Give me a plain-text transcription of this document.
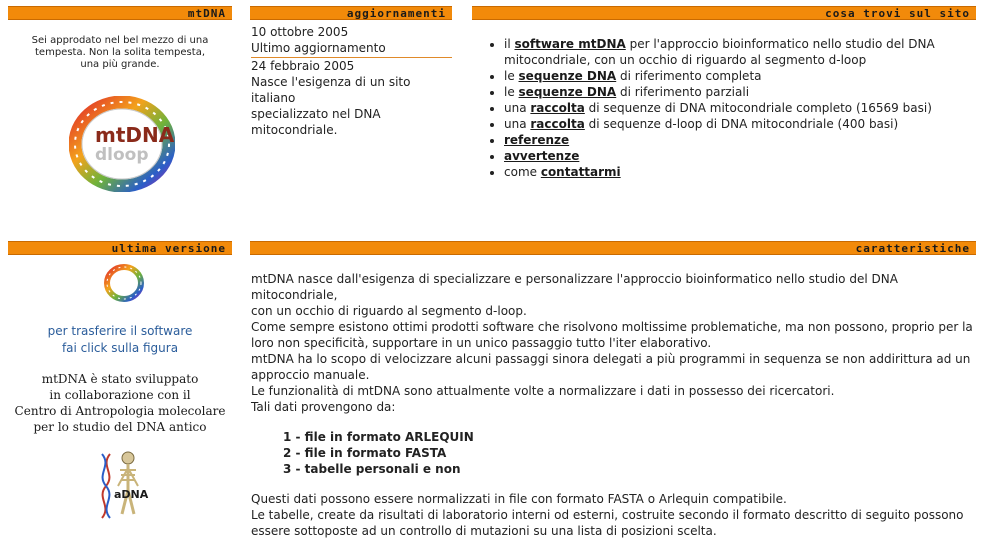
mtDNA	aggiornamenti	cosa trovi sul sito
ultima versione	caratteristiche
Sei approdato nel bel mezzo di una
tempesta. Non la solita tempesta,
una più grande.
mtDNA
dloop
10 ottobre 2005
Ultimo aggiornamento
24 febbraio 2005
Nasce l'esigenza di un sito italiano
specializzato nel DNA
mitocondriale.
• il software mtDNA per l'approccio bioinformatico nello studio del DNA
mitocondriale, con un occhio di riguardo al segmento d-loop
• le sequenze DNA di riferimento completa
• le sequenze DNA di riferimento parziali
• una raccolta di sequenze di DNA mitocondriale completo (16569 basi)
• una raccolta di sequenze d-loop di DNA mitocondriale (400 basi)
• referenze
• avvertenze
• come contattarmi
per trasferire il software
fai click sulla figura
mtDNA è stato sviluppato
in collaborazione con il
Centro di Antropologia molecolare
per lo studio del DNA antico
aDNA
mtDNA nasce dall'esigenza di specializzare e personalizzare l'approccio bioinformatico nello studio del DNA mitocondriale,
con un occhio di riguardo al segmento d-loop.
Come sempre esistono ottimi prodotti software che risolvono moltissime problematiche, ma non possono, proprio per la
loro non specificità, supportare in un unico passaggio tutto l'iter elaborativo.
mtDNA ha lo scopo di velocizzare alcuni passaggi sinora delegati a più programmi in sequenza se non addirittura ad un
approccio manuale.
Le funzionalità di mtDNA sono attualmente volte a normalizzare i dati in possesso dei ricercatori.
Tali dati provengono da:
1 - file in formato ARLEQUIN
2 - file in formato FASTA
3 - tabelle personali e non
Questi dati possono essere normalizzati in file con formato FASTA o Arlequin compatibile.
Le tabelle, create da risultati di laboratorio interni od esterni, costruite secondo il formato descritto di seguito possono
essere sottoposte ad un controllo di mutazioni su una lista di posizioni scelta.
